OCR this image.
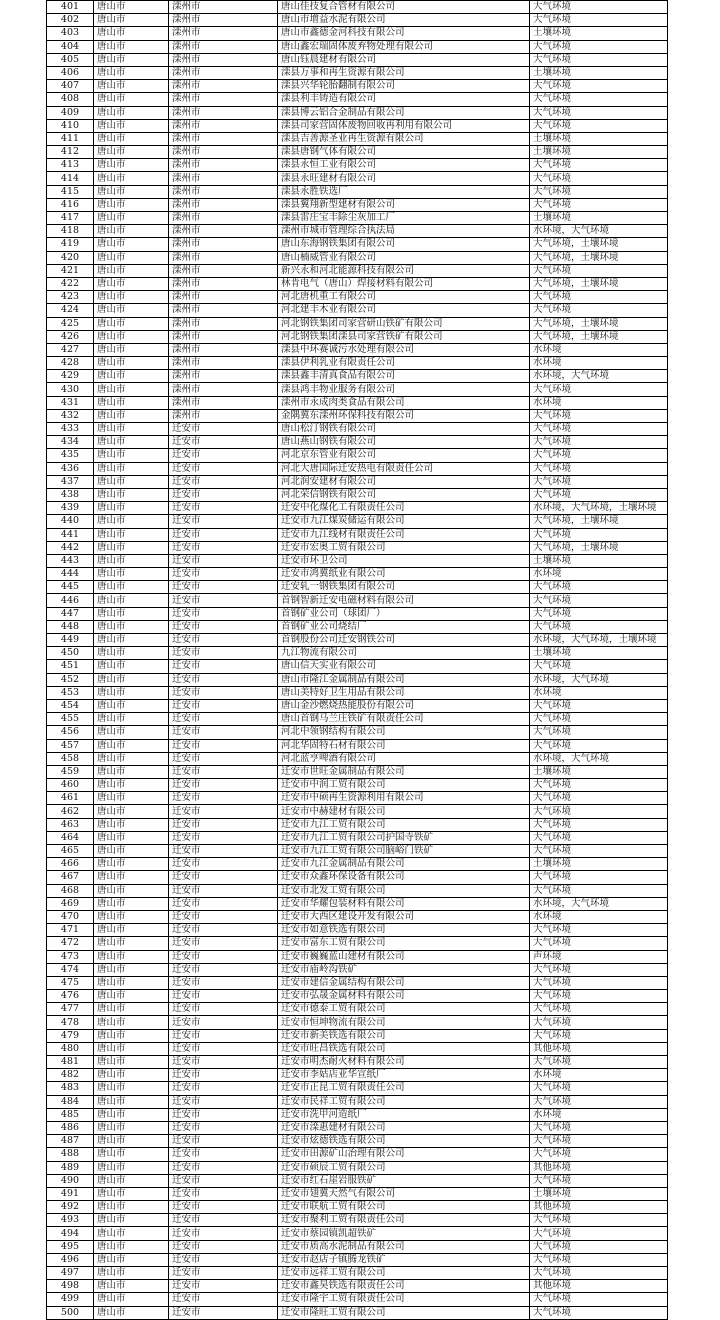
401	唐山市	滦州市	唐山佳技复合管材有限公司	大气环境
402	唐山市	滦州市	唐山市增益水泥有限公司	大气环境
403	唐山市	滦州市	唐山市鑫德金河科技有限公司	土壤环境
404	唐山市	滦州市	唐山鑫宏瑞固体废弃物处理有限公司	大气环境
405	唐山市	滦州市	唐山钰晨建材有限公司	大气环境
406	唐山市	滦州市	滦县万事和再生资源有限公司	土壤环境
407	唐山市	滦州市	滦县兴华轮胎翻制有限公司	大气环境
408	唐山市	滦州市	滦县利丰铸造有限公司	大气环境
409	唐山市	滦州市	滦县博云铝合金制品有限公司	大气环境
410	唐山市	滦州市	滦县司家营固体废物回收再利用有限公司	大气环境
411	唐山市	滦州市	滦县吉善源圣业再生资源有限公司	土壤环境
412	唐山市	滦州市	滦县唐钢气体有限公司	土壤环境
413	唐山市	滦州市	滦县永恒工业有限公司	大气环境
414	唐山市	滦州市	滦县永旺建材有限公司	大气环境
415	唐山市	滦州市	滦县永胜铁选厂	大气环境
416	唐山市	滦州市	滦县翼翔新型建材有限公司	大气环境
417	唐山市	滦州市	滦县雷庄宝丰除尘灰加工厂	土壤环境
418	唐山市	滦州市	滦州市城市管理综合执法局	水环境，大气环境
419	唐山市	滦州市	唐山东海钢铁集团有限公司	大气环境，土壤环境
420	唐山市	滦州市	唐山楠威管业有限公司	大气环境，土壤环境
421	唐山市	滦州市	新兴永和河北能源科技有限公司	大气环境
422	唐山市	滦州市	林肯电气（唐山）焊接材料有限公司	大气环境，土壤环境
423	唐山市	滦州市	河北唐机重工有限公司	大气环境
424	唐山市	滦州市	河北建丰木业有限公司	大气环境
425	唐山市	滦州市	河北钢铁集团司家营研山铁矿有限公司	大气环境，土壤环境
426	唐山市	滦州市	河北钢铁集团滦县司家营铁矿有限公司	大气环境，土壤环境
427	唐山市	滦州市	滦县中环赛诚污水处理有限公司	水环境
428	唐山市	滦州市	滦县伊利乳业有限责任公司	水环境
429	唐山市	滦州市	滦县鑫丰清真食品有限公司	水环境，大气环境
430	唐山市	滦州市	滦县鸿丰物业服务有限公司	大气环境
431	唐山市	滦州市	滦州市永成肉类食品有限公司	水环境
432	唐山市	滦州市	金隅冀东滦州环保科技有限公司	大气环境
433	唐山市	迁安市	唐山松汀钢铁有限公司	大气环境
434	唐山市	迁安市	唐山燕山钢铁有限公司	大气环境
435	唐山市	迁安市	河北京东管业有限公司	大气环境
436	唐山市	迁安市	河北大唐国际迁安热电有限责任公司	大气环境
437	唐山市	迁安市	河北润安建材有限公司	大气环境
438	唐山市	迁安市	河北荣信钢铁有限公司	大气环境
439	唐山市	迁安市	迁安中化煤化工有限责任公司	水环境，大气环境，土壤环境
440	唐山市	迁安市	迁安市九江煤炭储运有限公司	大气环境，土壤环境
441	唐山市	迁安市	迁安市九江线材有限责任公司	大气环境
442	唐山市	迁安市	迁安市宏奥工贸有限公司	大气环境，土壤环境
443	唐山市	迁安市	迁安市环卫公司	土壤环境
444	唐山市	迁安市	迁安市鸿冀纸业有限公司	水环境
445	唐山市	迁安市	迁安轧一钢铁集团有限公司	大气环境
446	唐山市	迁安市	首钢智新迁安电磁材料有限公司	大气环境
447	唐山市	迁安市	首钢矿业公司（球团厂）	大气环境
448	唐山市	迁安市	首钢矿业公司烧结厂	大气环境
449	唐山市	迁安市	首钢股份公司迁安钢铁公司	水环境，大气环境，土壤环境
450	唐山市	迁安市	九江物流有限公司	土壤环境
451	唐山市	迁安市	唐山信天实业有限公司	大气环境
452	唐山市	迁安市	唐山市隆江金属制品有限公司	水环境，大气环境
453	唐山市	迁安市	唐山美特好卫生用品有限公司	水环境
454	唐山市	迁安市	唐山金沙燃烧热能股份有限公司	大气环境
455	唐山市	迁安市	唐山首钢马兰庄铁矿有限责任公司	大气环境
456	唐山市	迁安市	河北中领钢结构有限公司	大气环境
457	唐山市	迁安市	河北华固特石材有限公司	大气环境
458	唐山市	迁安市	河北蓝亨啤酒有限公司	水环境，大气环境
459	唐山市	迁安市	迁安市世旺金属制品有限公司	土壤环境
460	唐山市	迁安市	迁安市中润工贸有限公司	大气环境
461	唐山市	迁安市	迁安市中硕再生资源利用有限公司	大气环境
462	唐山市	迁安市	迁安市中赫建材有限公司	大气环境
463	唐山市	迁安市	迁安市九江工贸有限公司	大气环境
464	唐山市	迁安市	迁安市九江工贸有限公司护国寺铁矿	大气环境
465	唐山市	迁安市	迁安市九江工贸有限公司脑峪门铁矿	大气环境
466	唐山市	迁安市	迁安市九江金属制品有限公司	土壤环境
467	唐山市	迁安市	迁安市众鑫环保设备有限公司	大气环境
468	唐山市	迁安市	迁安市北发工贸有限公司	大气环境
469	唐山市	迁安市	迁安市华耀包装材料有限公司	水环境，大气环境
470	唐山市	迁安市	迁安市大西区建设开发有限公司	水环境
471	唐山市	迁安市	迁安市如意铁选有限公司	大气环境
472	唐山市	迁安市	迁安市富东工贸有限公司	大气环境
473	唐山市	迁安市	迁安市巍巍蓝山建材有限公司	声环境
474	唐山市	迁安市	迁安市庙岭沟铁矿	大气环境
475	唐山市	迁安市	迁安市建信金属结构有限公司	大气环境
476	唐山市	迁安市	迁安市弘晟金属材料有限公司	大气环境
477	唐山市	迁安市	迁安市德泰工贸有限公司	大气环境
478	唐山市	迁安市	迁安市恒坤物流有限公司	大气环境
479	唐山市	迁安市	迁安市新美铁选有限公司	大气环境
480	唐山市	迁安市	迁安市旺昌铁选有限公司	其他环境
481	唐山市	迁安市	迁安市明杰耐火材料有限公司	大气环境
482	唐山市	迁安市	迁安市李姑店亚华宣纸厂	水环境
483	唐山市	迁安市	迁安市正昆工贸有限责任公司	大气环境
484	唐山市	迁安市	迁安市民祥工贸有限公司	大气环境
485	唐山市	迁安市	迁安市洗甲河造纸厂	水环境
486	唐山市	迁安市	迁安市滦惠建材有限公司	大气环境
487	唐山市	迁安市	迁安市炫德铁选有限公司	大气环境
488	唐山市	迁安市	迁安市田源矿山治理有限公司	大气环境
489	唐山市	迁安市	迁安市硕辰工贸有限公司	其他环境
490	唐山市	迁安市	迁安市红石崖岩服铁矿	大气环境
491	唐山市	迁安市	迁安市翅冀天然气有限公司	土壤环境
492	唐山市	迁安市	迁安市联航工贸有限公司	其他环境
493	唐山市	迁安市	迁安市聚利工贸有限责任公司	大气环境
494	唐山市	迁安市	迁安市蔡园镇凯超铁矿	大气环境
495	唐山市	迁安市	迁安市质高水泥制品有限公司	大气环境
496	唐山市	迁安市	迁安市赵店子镇腾龙铁矿	大气环境
497	唐山市	迁安市	迁安市远祥工贸有限公司	大气环境
498	唐山市	迁安市	迁安市鑫昊铁选有限责任公司	其他环境
499	唐山市	迁安市	迁安市隆宇工贸有限责任公司	大气环境
500	唐山市	迁安市	迁安市隆旺工贸有限公司	大气环境
